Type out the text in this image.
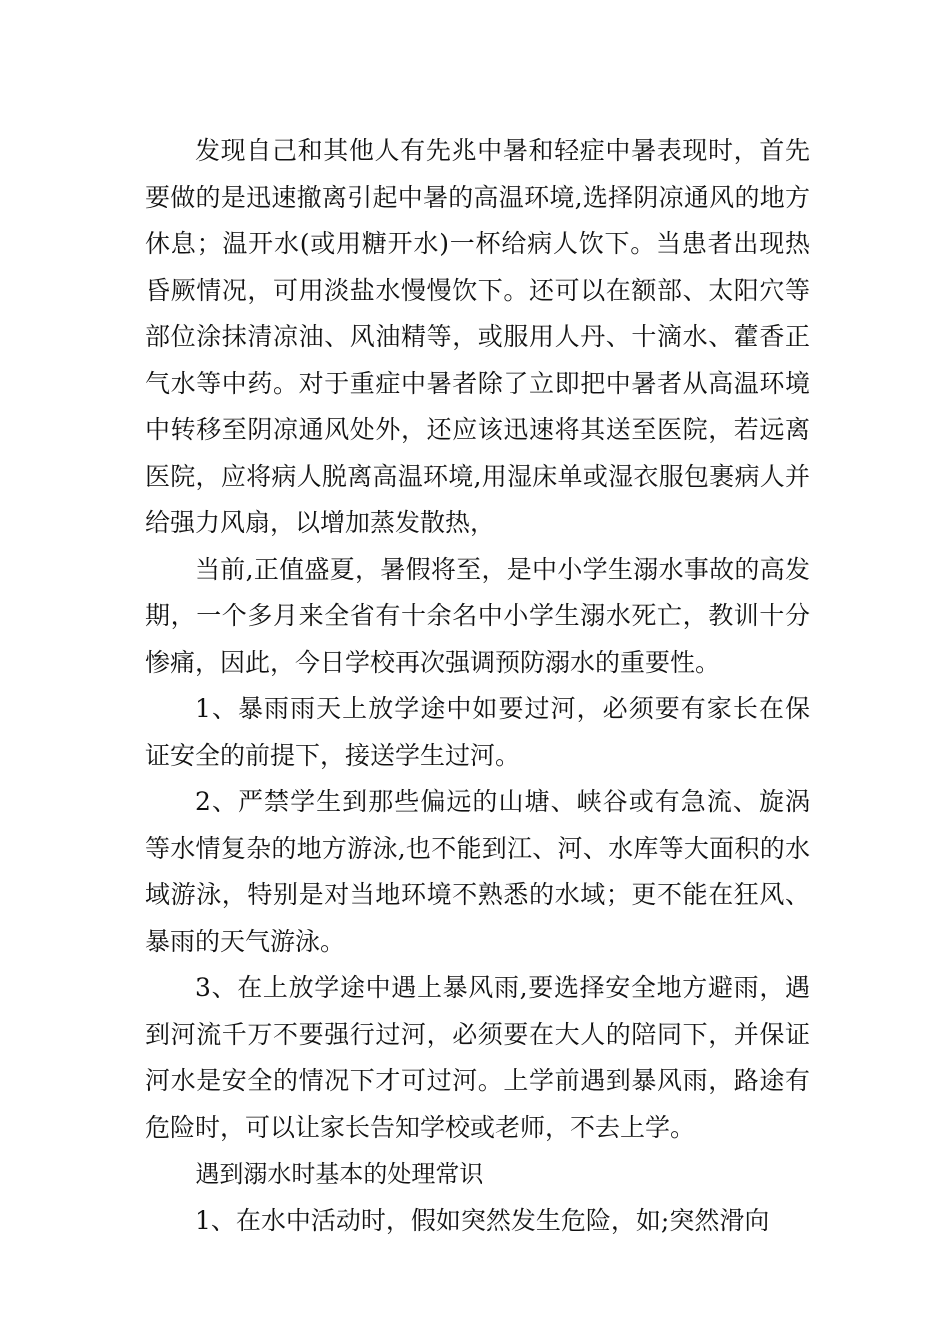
发现自己和其他人有先兆中暑和轻症中暑表现时，首先要做的是迅速撤离引起中暑的高温环境,选择阴凉通风的地方休息；温开水(或用糖开水)一杯给病人饮下。当患者出现热昏厥情况，可用淡盐水慢慢饮下。还可以在额部、太阳穴等部位涂抹清凉油、风油精等，或服用人丹、十滴水、藿香正气水等中药。对于重症中暑者除了立即把中暑者从高温环境中转移至阴凉通风处外，还应该迅速将其送至医院，若远离医院，应将病人脱离高温环境,用湿床单或湿衣服包裹病人并给强力风扇，以增加蒸发散热，

当前,正值盛夏，暑假将至，是中小学生溺水事故的高发期，一个多月来全省有十余名中小学生溺水死亡，教训十分惨痛，因此，今日学校再次强调预防溺水的重要性。

1、暴雨雨天上放学途中如要过河，必须要有家长在保证安全的前提下，接送学生过河。

2、严禁学生到那些偏远的山塘、峡谷或有急流、旋涡等水情复杂的地方游泳,也不能到江、河、水库等大面积的水域游泳，特别是对当地环境不熟悉的水域；更不能在狂风、暴雨的天气游泳。

3、在上放学途中遇上暴风雨,要选择安全地方避雨，遇到河流千万不要强行过河，必须要在大人的陪同下，并保证河水是安全的情况下才可过河。上学前遇到暴风雨，路途有危险时，可以让家长告知学校或老师，不去上学。

遇到溺水时基本的处理常识

1、在水中活动时，假如突然发生危险，如;突然滑向
